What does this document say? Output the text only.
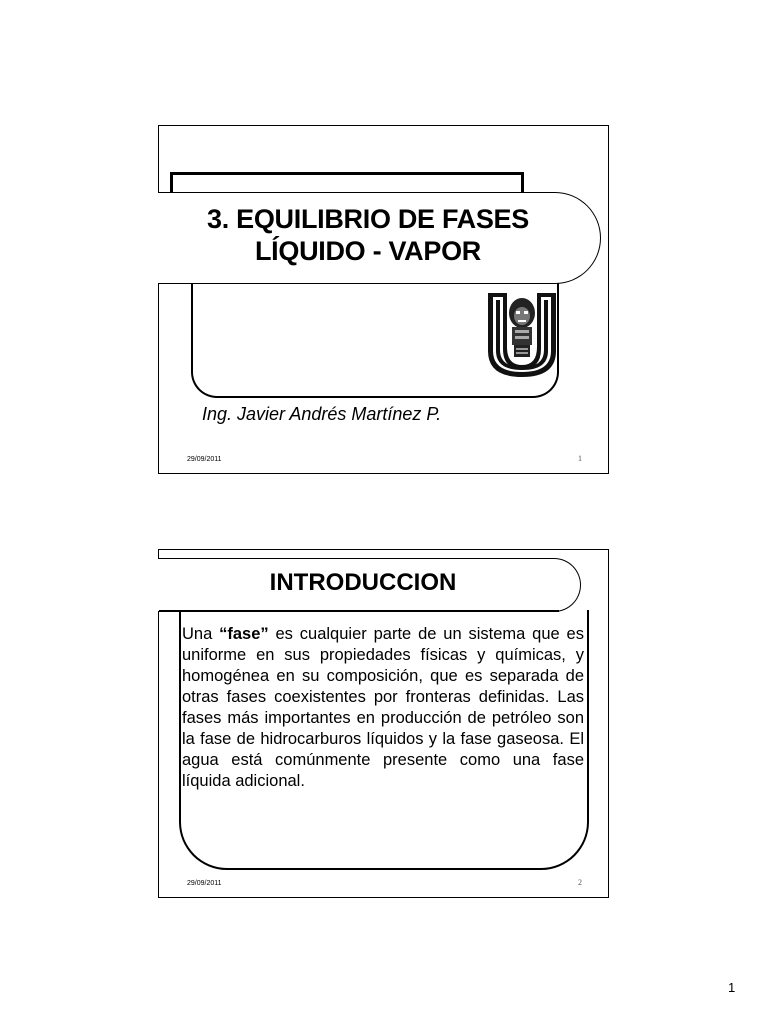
3. EQUILIBRIO DE FASES
LÍQUIDO - VAPOR
Ing. Javier Andrés Martínez P.
29/09/2011	1
INTRODUCCION

Una “fase” es cualquier parte de un sistema que es uniforme en sus propiedades físicas y químicas, y homogénea en su composición, que es separada de otras fases coexistentes por fronteras definidas. Las fases más importantes en producción de petróleo son la fase de hidrocarburos líquidos y la fase gaseosa. El agua está comúnmente presente como una fase líquida adicional.

29/09/2011	2
1
